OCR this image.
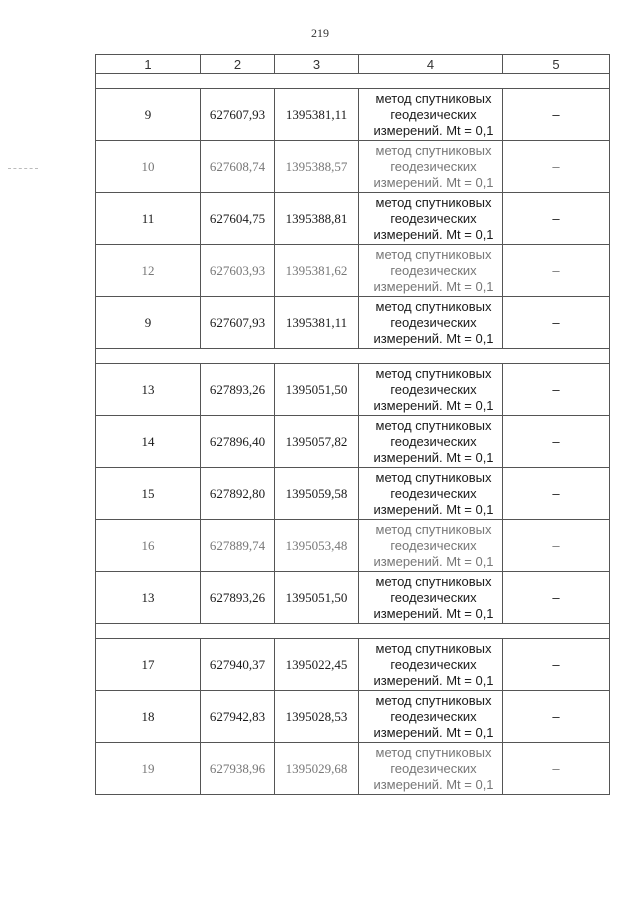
219
1	2	3	4	5

9	627607,93	1395381,11	метод спутниковых
геодезических
измерений. Mt = 0,1	–
10	627608,74	1395388,57	метод спутниковых
геодезических
измерений. Mt = 0,1	–
11	627604,75	1395388,81	метод спутниковых
геодезических
измерений. Mt = 0,1	–
12	627603,93	1395381,62	метод спутниковых
геодезических
измерений. Mt = 0,1	–
9	627607,93	1395381,11	метод спутниковых
геодезических
измерений. Mt = 0,1	–

13	627893,26	1395051,50	метод спутниковых
геодезических
измерений. Mt = 0,1	–
14	627896,40	1395057,82	метод спутниковых
геодезических
измерений. Mt = 0,1	–
15	627892,80	1395059,58	метод спутниковых
геодезических
измерений. Mt = 0,1	–
16	627889,74	1395053,48	метод спутниковых
геодезических
измерений. Mt = 0,1	–
13	627893,26	1395051,50	метод спутниковых
геодезических
измерений. Mt = 0,1	–

17	627940,37	1395022,45	метод спутниковых
геодезических
измерений. Mt = 0,1	–
18	627942,83	1395028,53	метод спутниковых
геодезических
измерений. Mt = 0,1	–
19	627938,96	1395029,68	метод спутниковых
геодезических
измерений. Mt = 0,1	–
